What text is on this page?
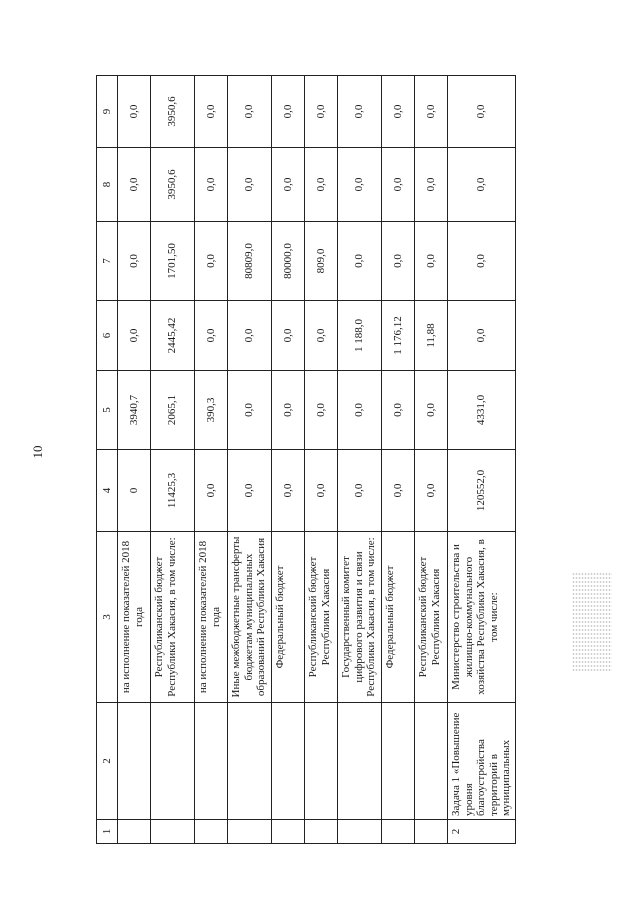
10
1	2	3	4	5	6	7	8	9
		на исполнение показателей 2018 года	0	3940,7	0,0	0,0	0,0	0,0
		Республиканский бюджет Республики Хакасия, в том числе:	11425,3	2065,1	2445,42	1701,50	3950,6	3950,6
		на исполнение показателей 2018 года	0,0	390,3	0,0	0,0	0,0	0,0
		Иные межбюджетные трансферты бюджетам муниципальных образований Республики Хакасия	0,0	0,0	0,0	80809,0	0,0	0,0
		Федеральный бюджет	0,0	0,0	0,0	80000,0	0,0	0,0
		Республиканский бюджет Республики Хакасия	0,0	0,0	0,0	809,0	0,0	0,0
		Государственный комитет цифрового развития и связи Республики Хакасия, в том числе:	0,0	0,0	1 188,0	0,0	0,0	0,0
		Федеральный бюджет	0,0	0,0	1 176,12	0,0	0,0	0,0
		Республиканский бюджет Республики Хакасия	0,0	0,0	11,88	0,0	0,0	0,0
2	Задача 1 «Повышение уровня благоустройства территорий в муниципальных	Министерство строительства и жилищно-коммунального хозяйства Республики Хакасия, в том числе:	120552,0	4331,0	0,0	0,0	0,0	0,0
